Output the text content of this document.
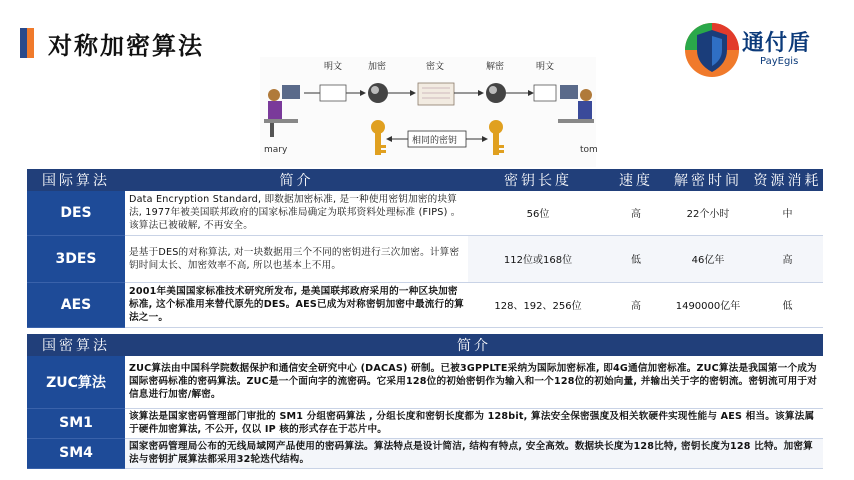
对称加密算法	通付盾
PayEgis
mary
明文	加密	密文	解密	明文
tom
相同的密钥
国际算法	简介	密钥长度	速度	解密时间	资源消耗
DES	Data Encryption Standard, 即数据加密标准, 是一种使用密钥加密的块算法, 1977年被美国联邦政府的国家标准局确定为联邦资料处理标准 (FIPS) 。该算法已被破解, 不再安全。	56位	高	22个小时	中
3DES	是基于DES的对称算法, 对一块数据用三个不同的密钥进行三次加密。计算密钥时间太长、加密效率不高, 所以也基本上不用。	112位或168位	低	46亿年	高
AES	2001年美国国家标准技术研究所发布, 是美国联邦政府采用的一种区块加密标准, 这个标准用来替代原先的DES。AES已成为对称密钥加密中最流行的算法之一。	128、192、256位	高	1490000亿年	低
国密算法	简介
ZUC算法	ZUC算法由中国科学院数据保护和通信安全研究中心 (DACAS) 研制。已被3GPPLTE采纳为国际加密标准, 即4G通信加密标准。ZUC算法是我国第一个成为国际密码标准的密码算法。ZUC是一个面向字的流密码。它采用128位的初始密钥作为输入和一个128位的初始向量, 并输出关于字的密钥流。密钥流可用于对信息进行加密/解密。
SM1	该算法是国家密码管理部门审批的 SM1 分组密码算法 , 分组长度和密钥长度都为 128bit, 算法安全保密强度及相关软硬件实现性能与 AES 相当。该算法属于硬件加密算法, 不公开, 仅以 IP 核的形式存在于芯片中。
SM4	国家密码管理局公布的无线局域网产品使用的密码算法。算法特点是设计简洁, 结构有特点, 安全高效。数据块长度为128比特, 密钥长度为128 比特。加密算法与密钥扩展算法都采用32轮迭代结构。
